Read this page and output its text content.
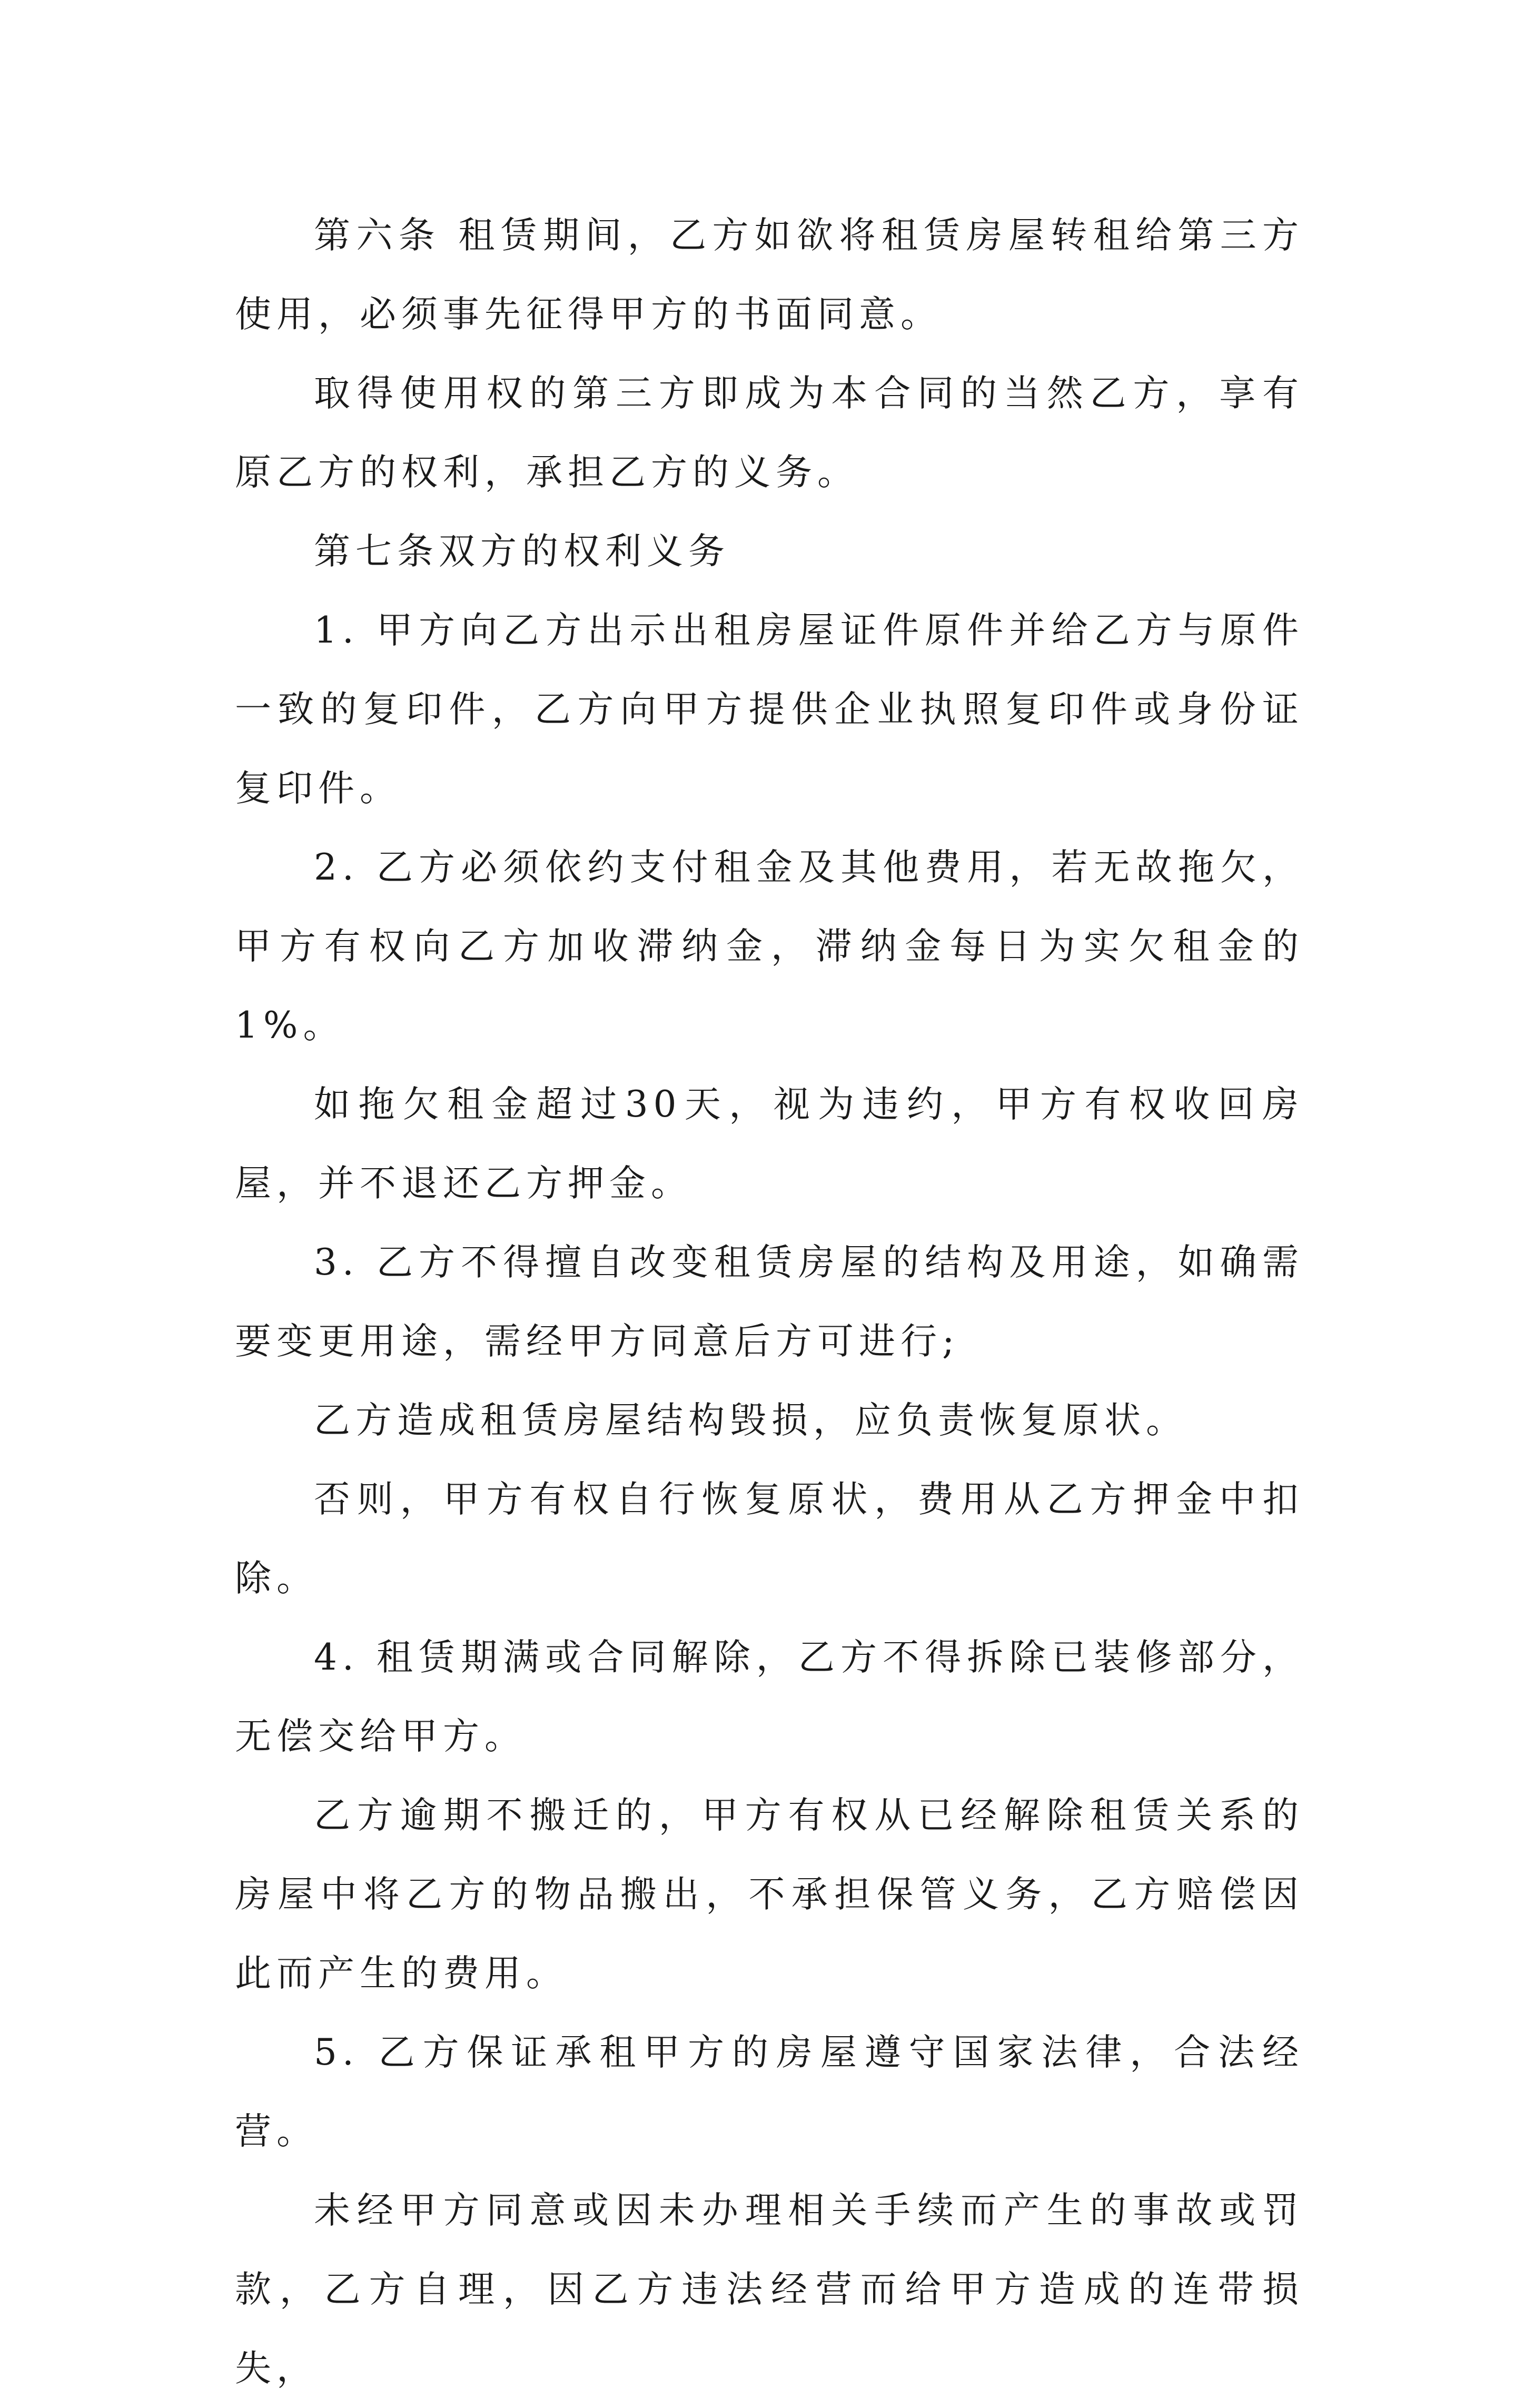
第六条 租赁期间，乙方如欲将租赁房屋转租给第三方使用，必须事先征得甲方的书面同意。

取得使用权的第三方即成为本合同的当然乙方，享有原乙方的权利，承担乙方的义务。

第七条双方的权利义务

1. 甲方向乙方出示出租房屋证件原件并给乙方与原件一致的复印件，乙方向甲方提供企业执照复印件或身份证复印件。

2. 乙方必须依约支付租金及其他费用，若无故拖欠，甲方有权向乙方加收滞纳金，滞纳金每日为实欠租金的1%。

如拖欠租金超过30天，视为违约，甲方有权收回房屋，并不退还乙方押金。

3. 乙方不得擅自改变租赁房屋的结构及用途，如确需要变更用途，需经甲方同意后方可进行;

乙方造成租赁房屋结构毁损，应负责恢复原状。

否则，甲方有权自行恢复原状，费用从乙方押金中扣除。

4. 租赁期满或合同解除，乙方不得拆除已装修部分，无偿交给甲方。

乙方逾期不搬迁的，甲方有权从已经解除租赁关系的房屋中将乙方的物品搬出，不承担保管义务，乙方赔偿因此而产生的费用。

5. 乙方保证承租甲方的房屋遵守国家法律，合法经营。

未经甲方同意或因未办理相关手续而产生的事故或罚款，乙方自理，因乙方违法经营而给甲方造成的连带损失，
